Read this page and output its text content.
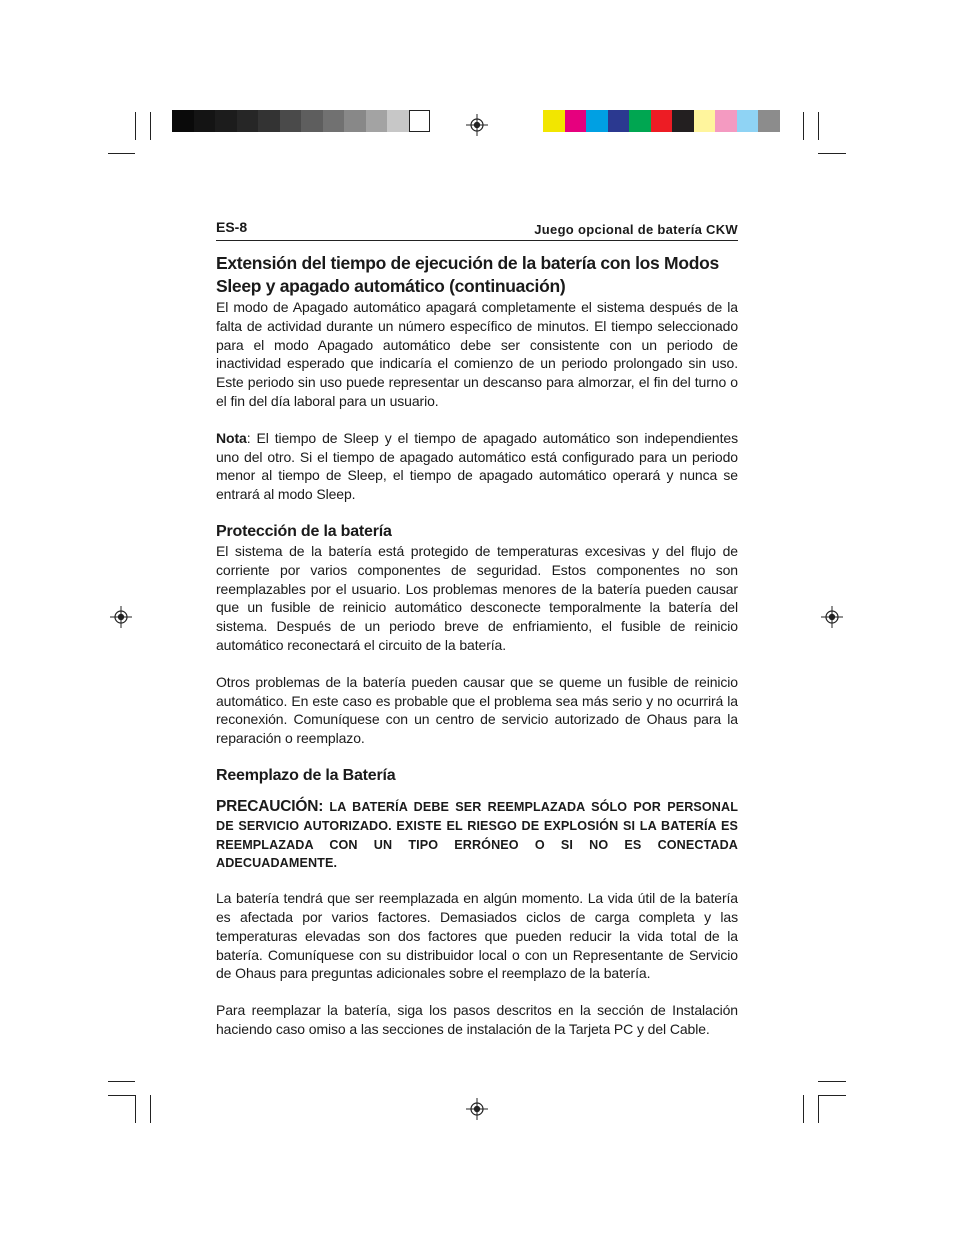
ES-8	Juego opcional de batería CKW
Extensión del tiempo de ejecución de la batería con los Modos Sleep y apagado automático (continuación)

El modo de Apagado automático apagará completamente el sistema después de la falta de actividad durante un número específico de minutos. El tiempo seleccionado para el modo Apagado automático debe ser consistente con un periodo de inactividad esperado que indicaría el comienzo de un periodo prolongado sin uso. Este periodo sin uso puede representar un descanso para almorzar, el fin del turno o el fin del día laboral para un usuario.

Nota: El tiempo de Sleep y el tiempo de apagado automático son independientes uno del otro. Si el tiempo de apagado automático está configurado para un periodo menor al tiempo de Sleep, el tiempo de apagado automático operará y nunca se entrará al modo Sleep.

Protección de la batería

El sistema de la batería está protegido de temperaturas excesivas y del flujo de corriente por varios componentes de seguridad. Estos componentes no son reemplazables por el usuario. Los problemas menores de la batería pueden causar que un fusible de reinicio automático desconecte temporalmente la batería del sistema. Después de un periodo breve de enfriamiento, el fusible de reinicio automático reconectará el circuito de la batería.

Otros problemas de la batería pueden causar que se queme un fusible de reinicio automático. En este caso es probable que el problema sea más serio y no ocurrirá la reconexión. Comuníquese con un centro de servicio autorizado de Ohaus para la reparación o reemplazo.

Reemplazo de la Batería

PRECAUCIÓN: LA BATERÍA DEBE SER REEMPLAZADA SÓLO POR PERSONAL DE SERVICIO AUTORIZADO. EXISTE EL RIESGO DE EXPLOSIÓN SI LA BATERÍA ES REEMPLAZADA CON UN TIPO ERRÓNEO O SI NO ES CONECTADA ADECUADAMENTE.

La batería tendrá que ser reemplazada en algún momento. La vida útil de la batería es afectada por varios factores. Demasiados ciclos de carga completa y las temperaturas elevadas son dos factores que pueden reducir la vida total de la batería. Comuníquese con su distribuidor local o con un Representante de Servicio de Ohaus para preguntas adicionales sobre el reemplazo de la batería.

Para reemplazar la batería, siga los pasos descritos en la sección de Instalación haciendo caso omiso a las secciones de instalación de la Tarjeta PC y del Cable.
